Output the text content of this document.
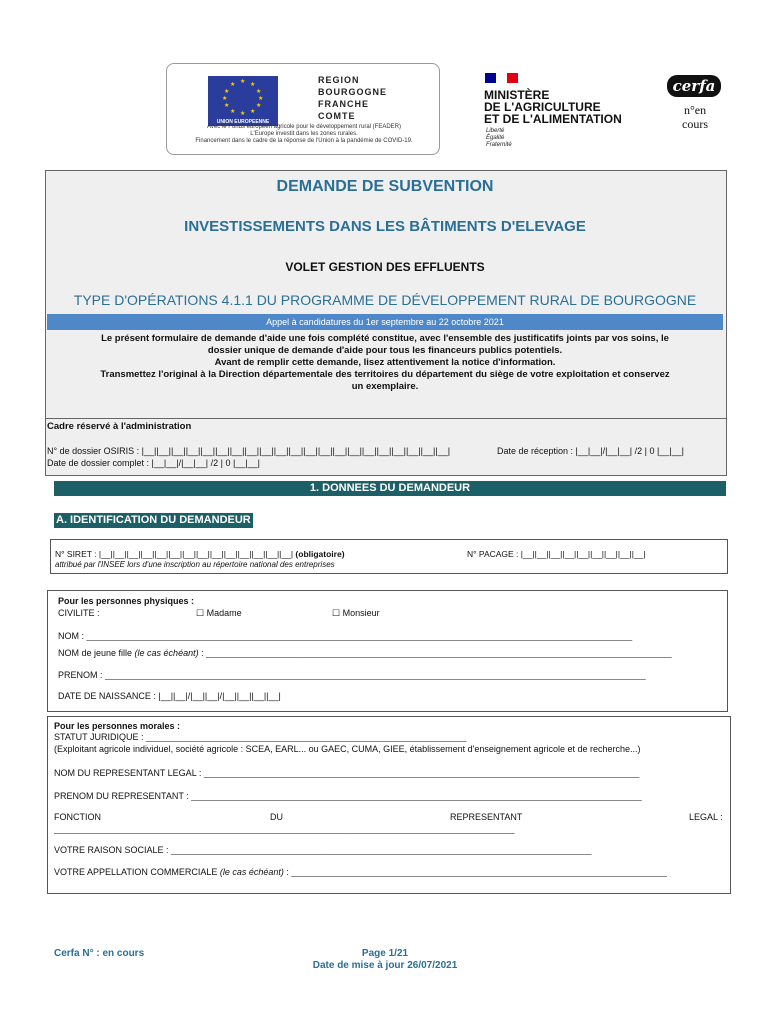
★ ★
★
★
★
★
★
★
★
★
★
★
UNION EUROPEENNE
REGION
BOURGOGNE
FRANCHE
COMTE
Avec le Fonds européen agricole pour le développement rural (FEADER)
L'Europe investit dans les zones rurales.
Financement dans le cadre de la réponse de l'Union à la pandémie de COVID-19.
MINISTÈRE
DE L'AGRICULTURE
ET DE L'ALIMENTATION
Liberté
Égalité
Fraternité
cerfa
n°en
cours
DEMANDE DE SUBVENTION
INVESTISSEMENTS DANS LES BÂTIMENTS D'ELEVAGE
VOLET GESTION DES EFFLUENTS
TYPE D'OPÉRATIONS 4.1.1 DU PROGRAMME DE DÉVELOPPEMENT RURAL DE BOURGOGNE
Appel à candidatures du 1er septembre au 22 octobre 2021
Le présent formulaire de demande d'aide une fois complété constitue, avec l'ensemble des justificatifs joints par vos soins, le
dossier unique de demande d'aide pour tous les financeurs publics potentiels.
Avant de remplir cette demande, lisez attentivement la notice d'information.
Transmettez l'original à la Direction départementale des territoires du département du siège de votre exploitation et conservez
un exemplaire.
Cadre réservé à l'administration
N° de dossier OSIRIS : |__||__||__||__||__||__||__||__||__||__||__||__||__||__||__||__||__||__||__||__||__|	Date de réception : |__|__|/|__|__| /2 | 0 |__|__|
Date de dossier complet : |__|__|/|__|__| /2 | 0 |__|__|
1. DONNEES DU DEMANDEUR
A. IDENTIFICATION DU DEMANDEUR
N° SIRET : |__||__||__||__||__||__||__||__||__||__||__||__||__||__| (obligatoire)
attribué par l'INSEE lors d'une inscription au répertoire national des entreprises
N° PACAGE : |__||__||__||__||__||__||__||__||__|
Pour les personnes physiques :
CIVILITE :	☐ Madame	☐ Monsieur
NOM : _____________________________________________________________________________________________________________
NOM de jeune fille (le cas échéant) : _____________________________________________________________________________________________
PRENOM : ____________________________________________________________________________________________________________
DATE DE NAISSANCE : |__||__|/|__||__|/|__||__||__||__|
Pour les personnes morales :
STATUT JURIDIQUE : ________________________________________________________________
(Exploitant agricole individuel, société agricole : SCEA, EARL... ou GAEC, CUMA, GIEE, établissement d'enseignement agricole et de recherche...)
NOM DU REPRESENTANT LEGAL : _______________________________________________________________________________________
PRENOM DU REPRESENTANT : __________________________________________________________________________________________
FONCTION	DU	REPRESENTANT	LEGAL :
____________________________________________________________________________________________
VOTRE RAISON SOCIALE : ____________________________________________________________________________________
VOTRE APPELLATION COMMERCIALE (le cas échéant) : ___________________________________________________________________________
Cerfa N° : en cours	Page 1/21
Date de mise à jour 26/07/2021
